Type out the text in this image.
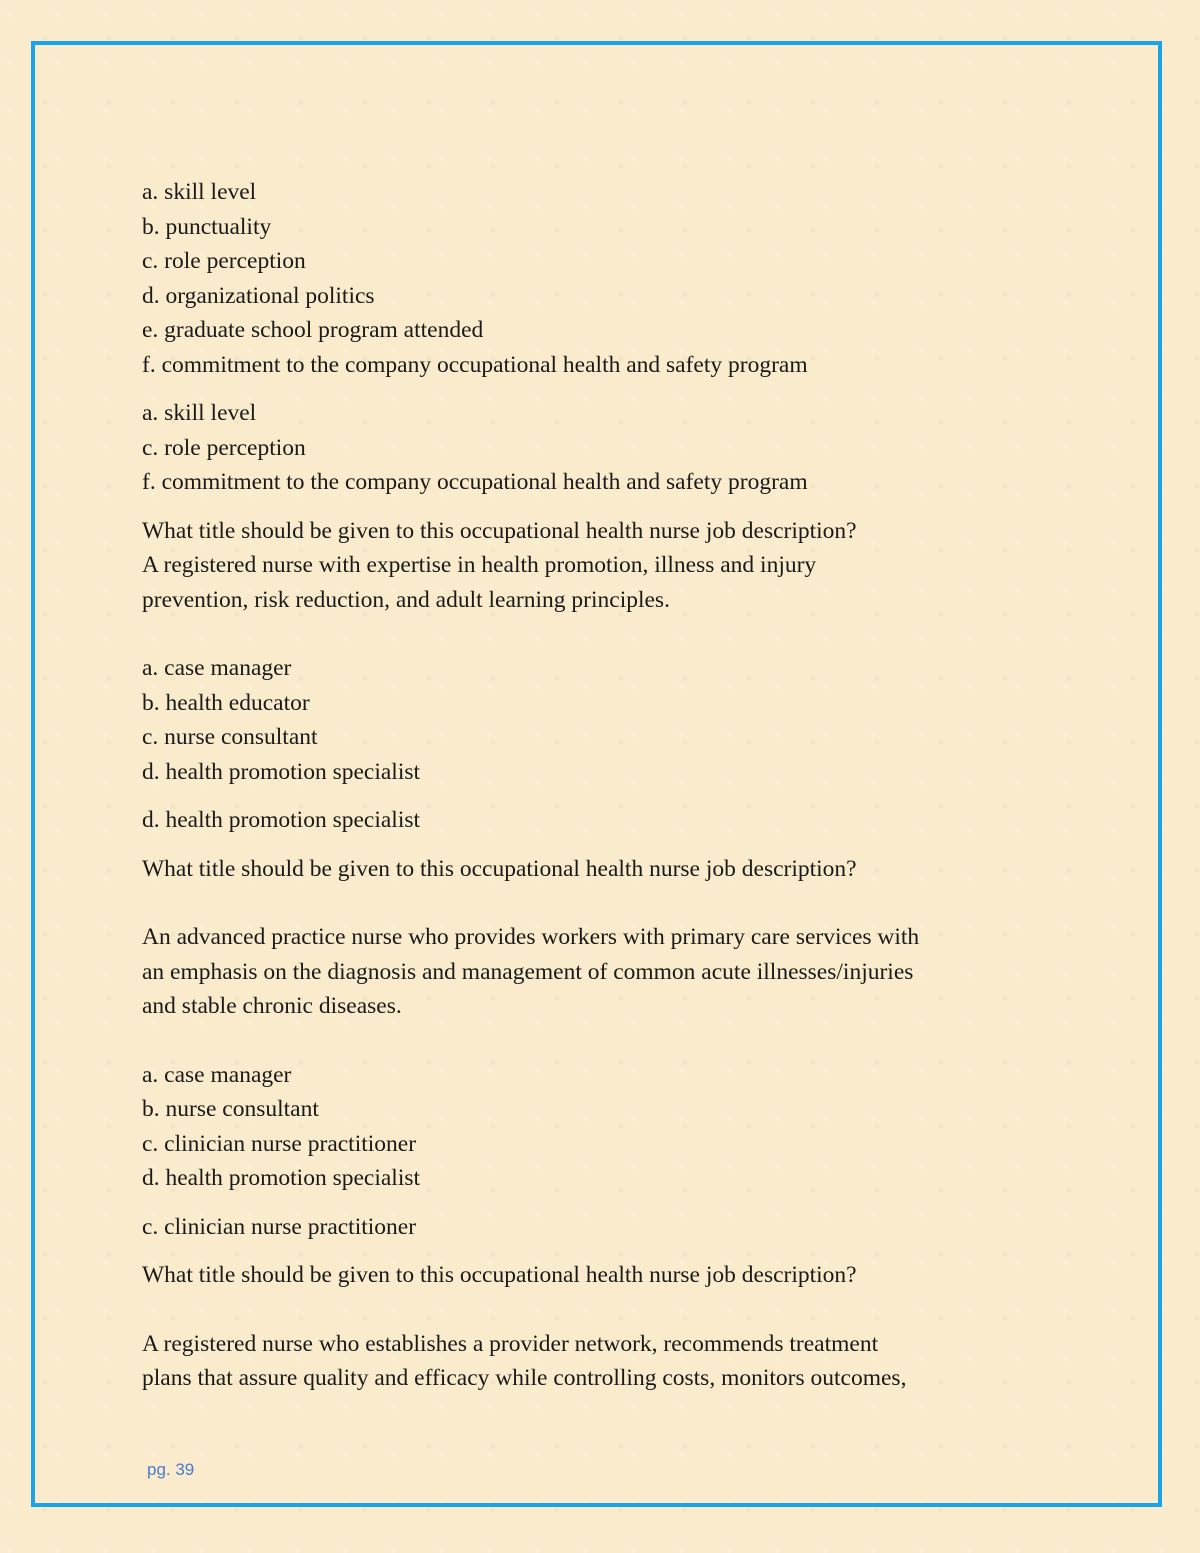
a. skill level

b. punctuality

c. role perception

d. organizational politics

e. graduate school program attended

f. commitment to the company occupational health and safety program

a. skill level

c. role perception

f. commitment to the company occupational health and safety program

What title should be given to this occupational health nurse job description?

A registered nurse with expertise in health promotion, illness and injury

prevention, risk reduction, and adult learning principles.

a. case manager

b. health educator

c. nurse consultant

d. health promotion specialist

d. health promotion specialist

What title should be given to this occupational health nurse job description?

An advanced practice nurse who provides workers with primary care services with

an emphasis on the diagnosis and management of common acute illnesses/injuries

and stable chronic diseases.

a. case manager

b. nurse consultant

c. clinician nurse practitioner

d. health promotion specialist

c. clinician nurse practitioner

What title should be given to this occupational health nurse job description?

A registered nurse who establishes a provider network, recommends treatment

plans that assure quality and efficacy while controlling costs, monitors outcomes,

pg. 39
